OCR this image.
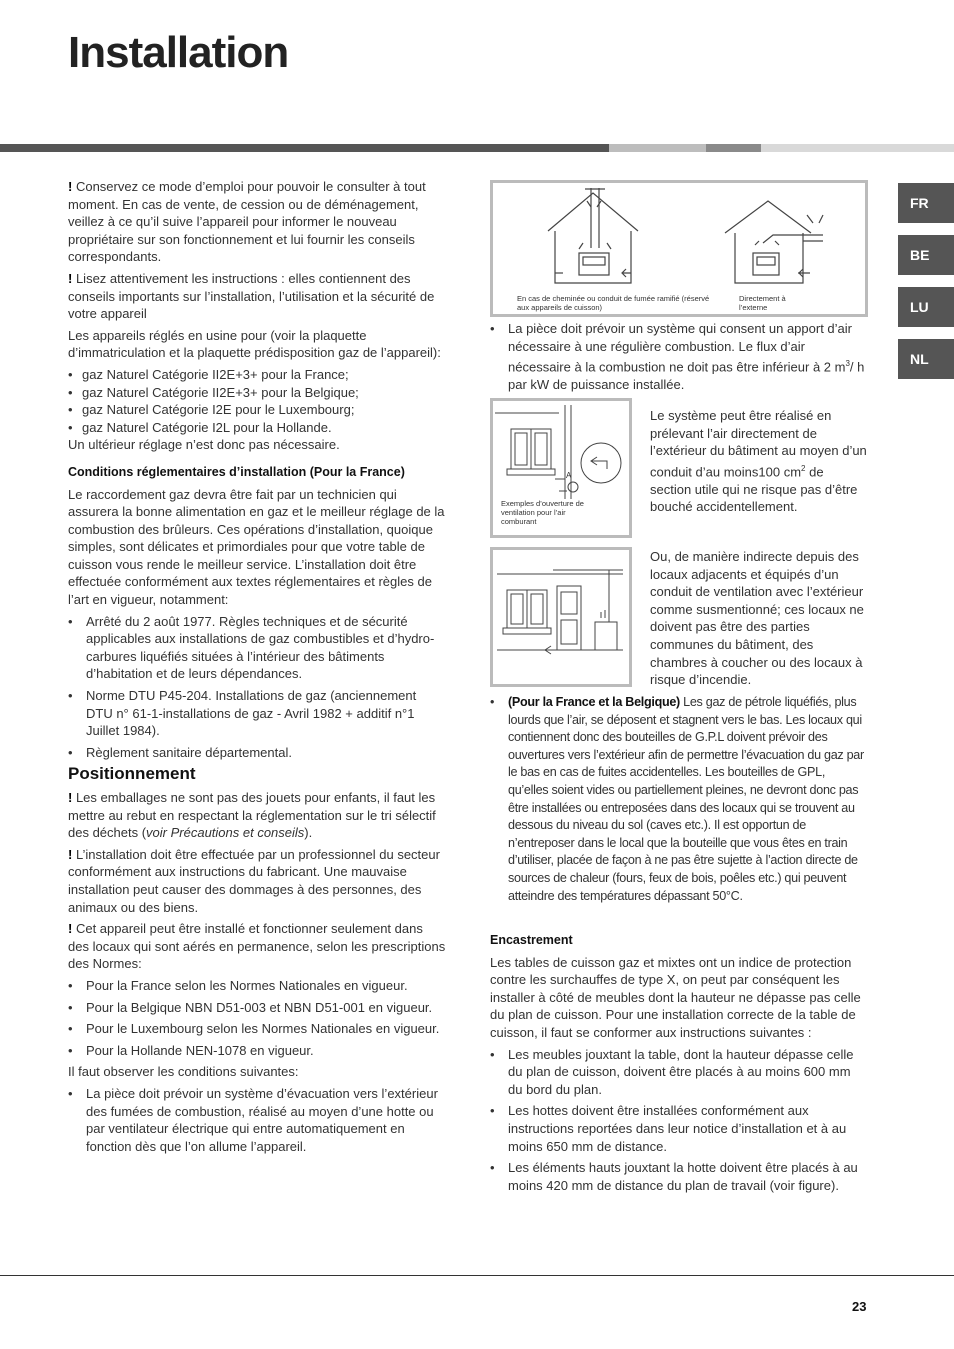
Installation
FR
BE
LU
NL

! Conservez ce mode d’emploi pour pouvoir le consulter à tout moment. En cas de vente, de cession ou de déménagement, veillez à ce qu’il suive l’appareil pour informer le nouveau propriétaire sur son fonctionnement et lui fournir les conseils correspondants.

! Lisez attentivement les instructions : elles contiennent des conseils importants sur l’installation, l’utilisation et la sécurité de votre appareil

Les appareils réglés en usine pour (voir la plaquette d’immatriculation et la plaquette prédisposition gaz de l’appareil):

• gaz Naturel Catégorie II2E+3+ pour la France;
• gaz Naturel Catégorie II2E+3+ pour la Belgique;
• gaz Naturel Catégorie I2E pour le Luxembourg;
• gaz Naturel Catégorie I2L pour la Hollande.

Un ultérieur réglage n’est donc pas nécessaire.

Conditions réglementaires d’installation (Pour la France)

Le raccordement gaz devra être fait par un technicien qui assurera la bonne alimentation en gaz et le meilleur réglage de la combustion des brûleurs. Ces opérations d’installation, quoique simples, sont délicates et primordiales pour que votre table de cuisson vous rende le meilleur service. L’installation doit être effectuée conformément aux textes réglementaires et règles de l’art en vigueur, notamment:

• Arrêté du 2 août 1977. Règles techniques et de sécurité applicables aux installations de gaz combustibles et d’hydro-carbures liquéfiés situées à l’intérieur des bâtiments d’habitation et de leurs dépendances.
• Norme DTU P45-204. Installations de gaz (anciennement DTU n° 61-1-installations de gaz - Avril 1982 + additif n°1 Juillet 1984).
• Règlement sanitaire départemental.
Positionnement

! Les emballages ne sont pas des jouets pour enfants, il faut les mettre au rebut en respectant la réglementation sur le tri sélectif des déchets (voir Précautions et conseils).

! L’installation doit être effectuée par un professionnel du secteur conformément aux instructions du fabricant. Une mauvaise installation peut causer des dommages à des personnes, des animaux ou des biens.

! Cet appareil peut être installé et fonctionner seulement dans des locaux qui sont aérés en permanence, selon les prescriptions des Normes:

• Pour la France selon les Normes Nationales en vigueur.
• Pour la Belgique NBN D51-003 et NBN D51-001 en vigueur.
• Pour le Luxembourg selon les Normes Nationales en vigueur.
• Pour la Hollande NEN-1078 en vigueur.

Il faut observer les conditions suivantes:

• La pièce doit prévoir un système d’évacuation vers l’extérieur des fumées de combustion, réalisé au moyen d’une hotte ou par ventilateur électrique qui entre automatiquement en fonction dès que l’on allume l’appareil.
En cas de cheminée ou conduit de fumée ramifié (réservé aux appareils de cuisson)
Directement à l’externe
• La pièce doit prévoir un système qui consent un apport d’air nécessaire à une régulière combustion. Le flux d’air nécessaire à la combustion ne doit pas être inférieur à 2 $m^3/$ h par kW de puissance installée.
A
Exemples d’ouverture de ventilation pour l’air comburant
Le système peut être réalisé en prélevant l’air directement de l’extérieur du bâtiment au moyen d’un conduit d’au moins100 $cm^2$ de section utile qui ne risque pas d’être bouché accidentellement.
Ou, de manière indirecte depuis des locaux adjacents et équipés d’un conduit de ventilation avec l’extérieur comme susmentionné; ces locaux ne doivent pas être des parties communes du bâtiment, des chambres à coucher ou des locaux à risque d’incendie.
• (Pour la France et la Belgique) Les gaz de pétrole liquéfiés, plus lourds que l’air, se déposent et stagnent vers le bas. Les locaux qui contiennent donc des bouteilles de G.P.L doivent prévoir des ouvertures vers l’extérieur afin de permettre l’évacuation du gaz par le bas en cas de fuites accidentelles. Les bouteilles de GPL, qu’elles soient vides ou partiellement pleines, ne devront donc pas être installées ou entreposées dans des locaux qui se trouvent au dessous du niveau du sol (caves etc.). Il est opportun de n’entreposer dans le local que la bouteille que vous êtes en train d’utiliser, placée de façon à ne pas être sujette à l’action directe de sources de chaleur (fours, feux de bois, poêles etc.) qui peuvent atteindre des températures dépassant 50°C.
Encastrement

Les tables de cuisson gaz et mixtes ont un indice de protection contre les surchauffes de type X, on peut par conséquent les installer à côté de meubles dont la hauteur ne dépasse pas celle du plan de cuisson. Pour une installation correcte de la table de cuisson, il faut se conformer aux instructions suivantes :

• Les meubles jouxtant la table, dont la hauteur dépasse celle du plan de cuisson, doivent être placés à au moins 600 mm du bord du plan.
• Les hottes doivent être installées conformément aux instructions reportées dans leur notice d’installation et à au moins 650 mm de distance.
• Les éléments hauts jouxtant la hotte doivent être placés à au moins 420 mm de distance du plan de travail (voir figure).
23
